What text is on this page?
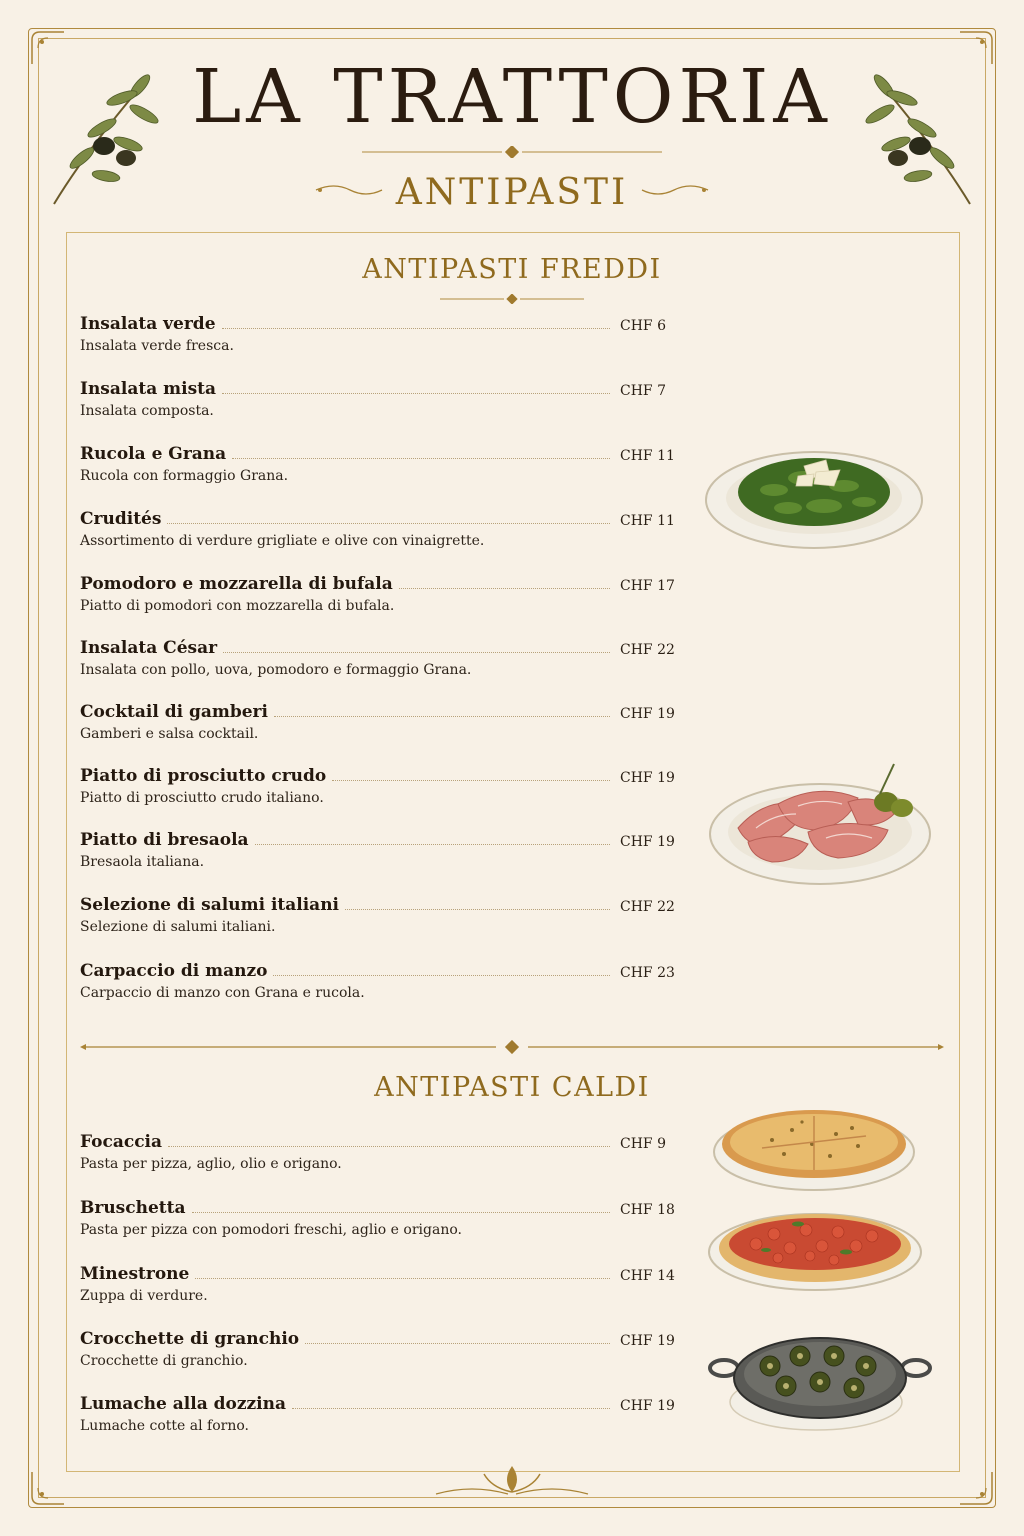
LA TRATTORIA
ANTIPASTI
ANTIPASTI FREDDI
Insalata verde	CHF 6
Insalata verde fresca.
Insalata mista	CHF 7
Insalata composta.
Rucola e Grana	CHF 11
Rucola con formaggio Grana.
Crudités	CHF 11
Assortimento di verdure grigliate e olive con vinaigrette.
Pomodoro e mozzarella di bufala	CHF 17
Piatto di pomodori con mozzarella di bufala.
Insalata César	CHF 22
Insalata con pollo, uova, pomodoro e formaggio Grana.
Cocktail di gamberi	CHF 19
Gamberi e salsa cocktail.
Piatto di prosciutto crudo	CHF 19
Piatto di prosciutto crudo italiano.
Piatto di bresaola	CHF 19
Bresaola italiana.
Selezione di salumi italiani	CHF 22
Selezione di salumi italiani.
Carpaccio di manzo	CHF 23
Carpaccio di manzo con Grana e rucola.
ANTIPASTI CALDI
Focaccia	CHF 9
Pasta per pizza, aglio, olio e origano.
Bruschetta	CHF 18
Pasta per pizza con pomodori freschi, aglio e origano.
Minestrone	CHF 14
Zuppa di verdure.
Crocchette di granchio	CHF 19
Crocchette di granchio.
Lumache alla dozzina	CHF 19
Lumache cotte al forno.
